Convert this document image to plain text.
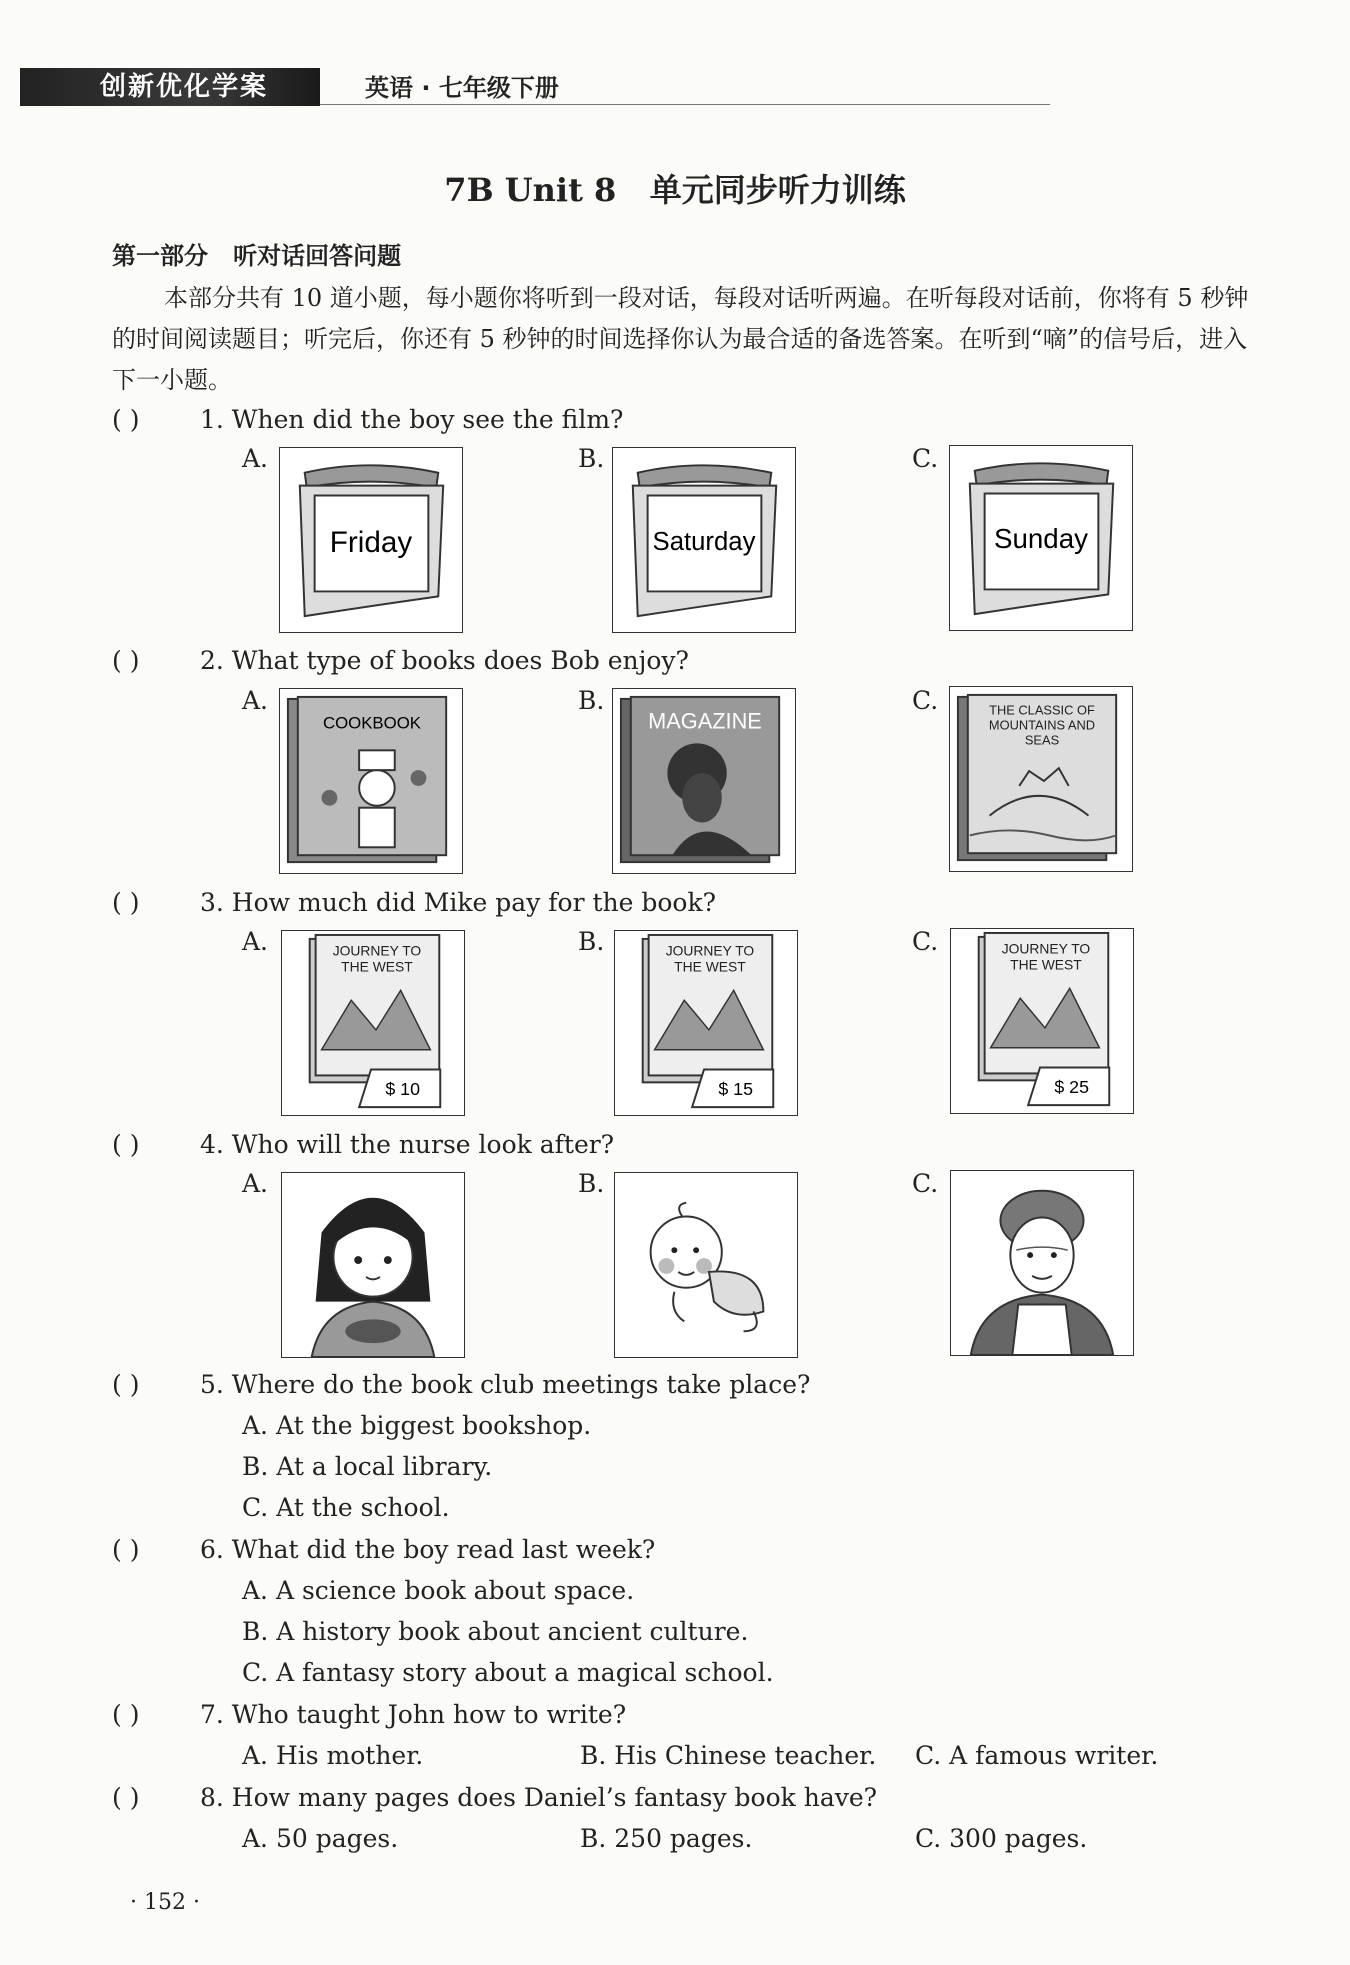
创新优化学案	英语 · 七年级下册
7B Unit 8   单元同步听力训练
第一部分   听对话回答问题
本部分共有 10 道小题，每小题你将听到一段对话，每段对话听两遍。在听每段对话前，你将有 5 秒钟的时间阅读题目；听完后，你还有 5 秒钟的时间选择你认为最合适的备选答案。在听到“嘀”的信号后，进入下一小题。
( ) 1. When did the boy see the film?
A.	B.	C.
Friday	Saturday	Sunday
( ) 2. What type of books does Bob enjoy?
A.	B.	C.
COOKBOOK	MAGAZINE	THE CLASSIC OF MOUNTAINS AND SEAS
( ) 3. How much did Mike pay for the book?
A.	B.	C.
JOURNEY TO THE WEST
$ 10
JOURNEY TO THE WEST
$ 15
JOURNEY TO THE WEST
$ 25
( ) 4. Who will the nurse look after?
A.	B.	C.
( ) 5. Where do the book club meetings take place?
A. At the biggest bookshop.
B. At a local library.
C. At the school.
( ) 6. What did the boy read last week?
A. A science book about space.
B. A history book about ancient culture.
C. A fantasy story about a magical school.
( ) 7. Who taught John how to write?
A. His mother.	B. His Chinese teacher. C. A famous writer.
( ) 8. How many pages does Daniel’s fantasy book have?
A. 50 pages.	B. 250 pages.	C. 300 pages.
· 152 ·
